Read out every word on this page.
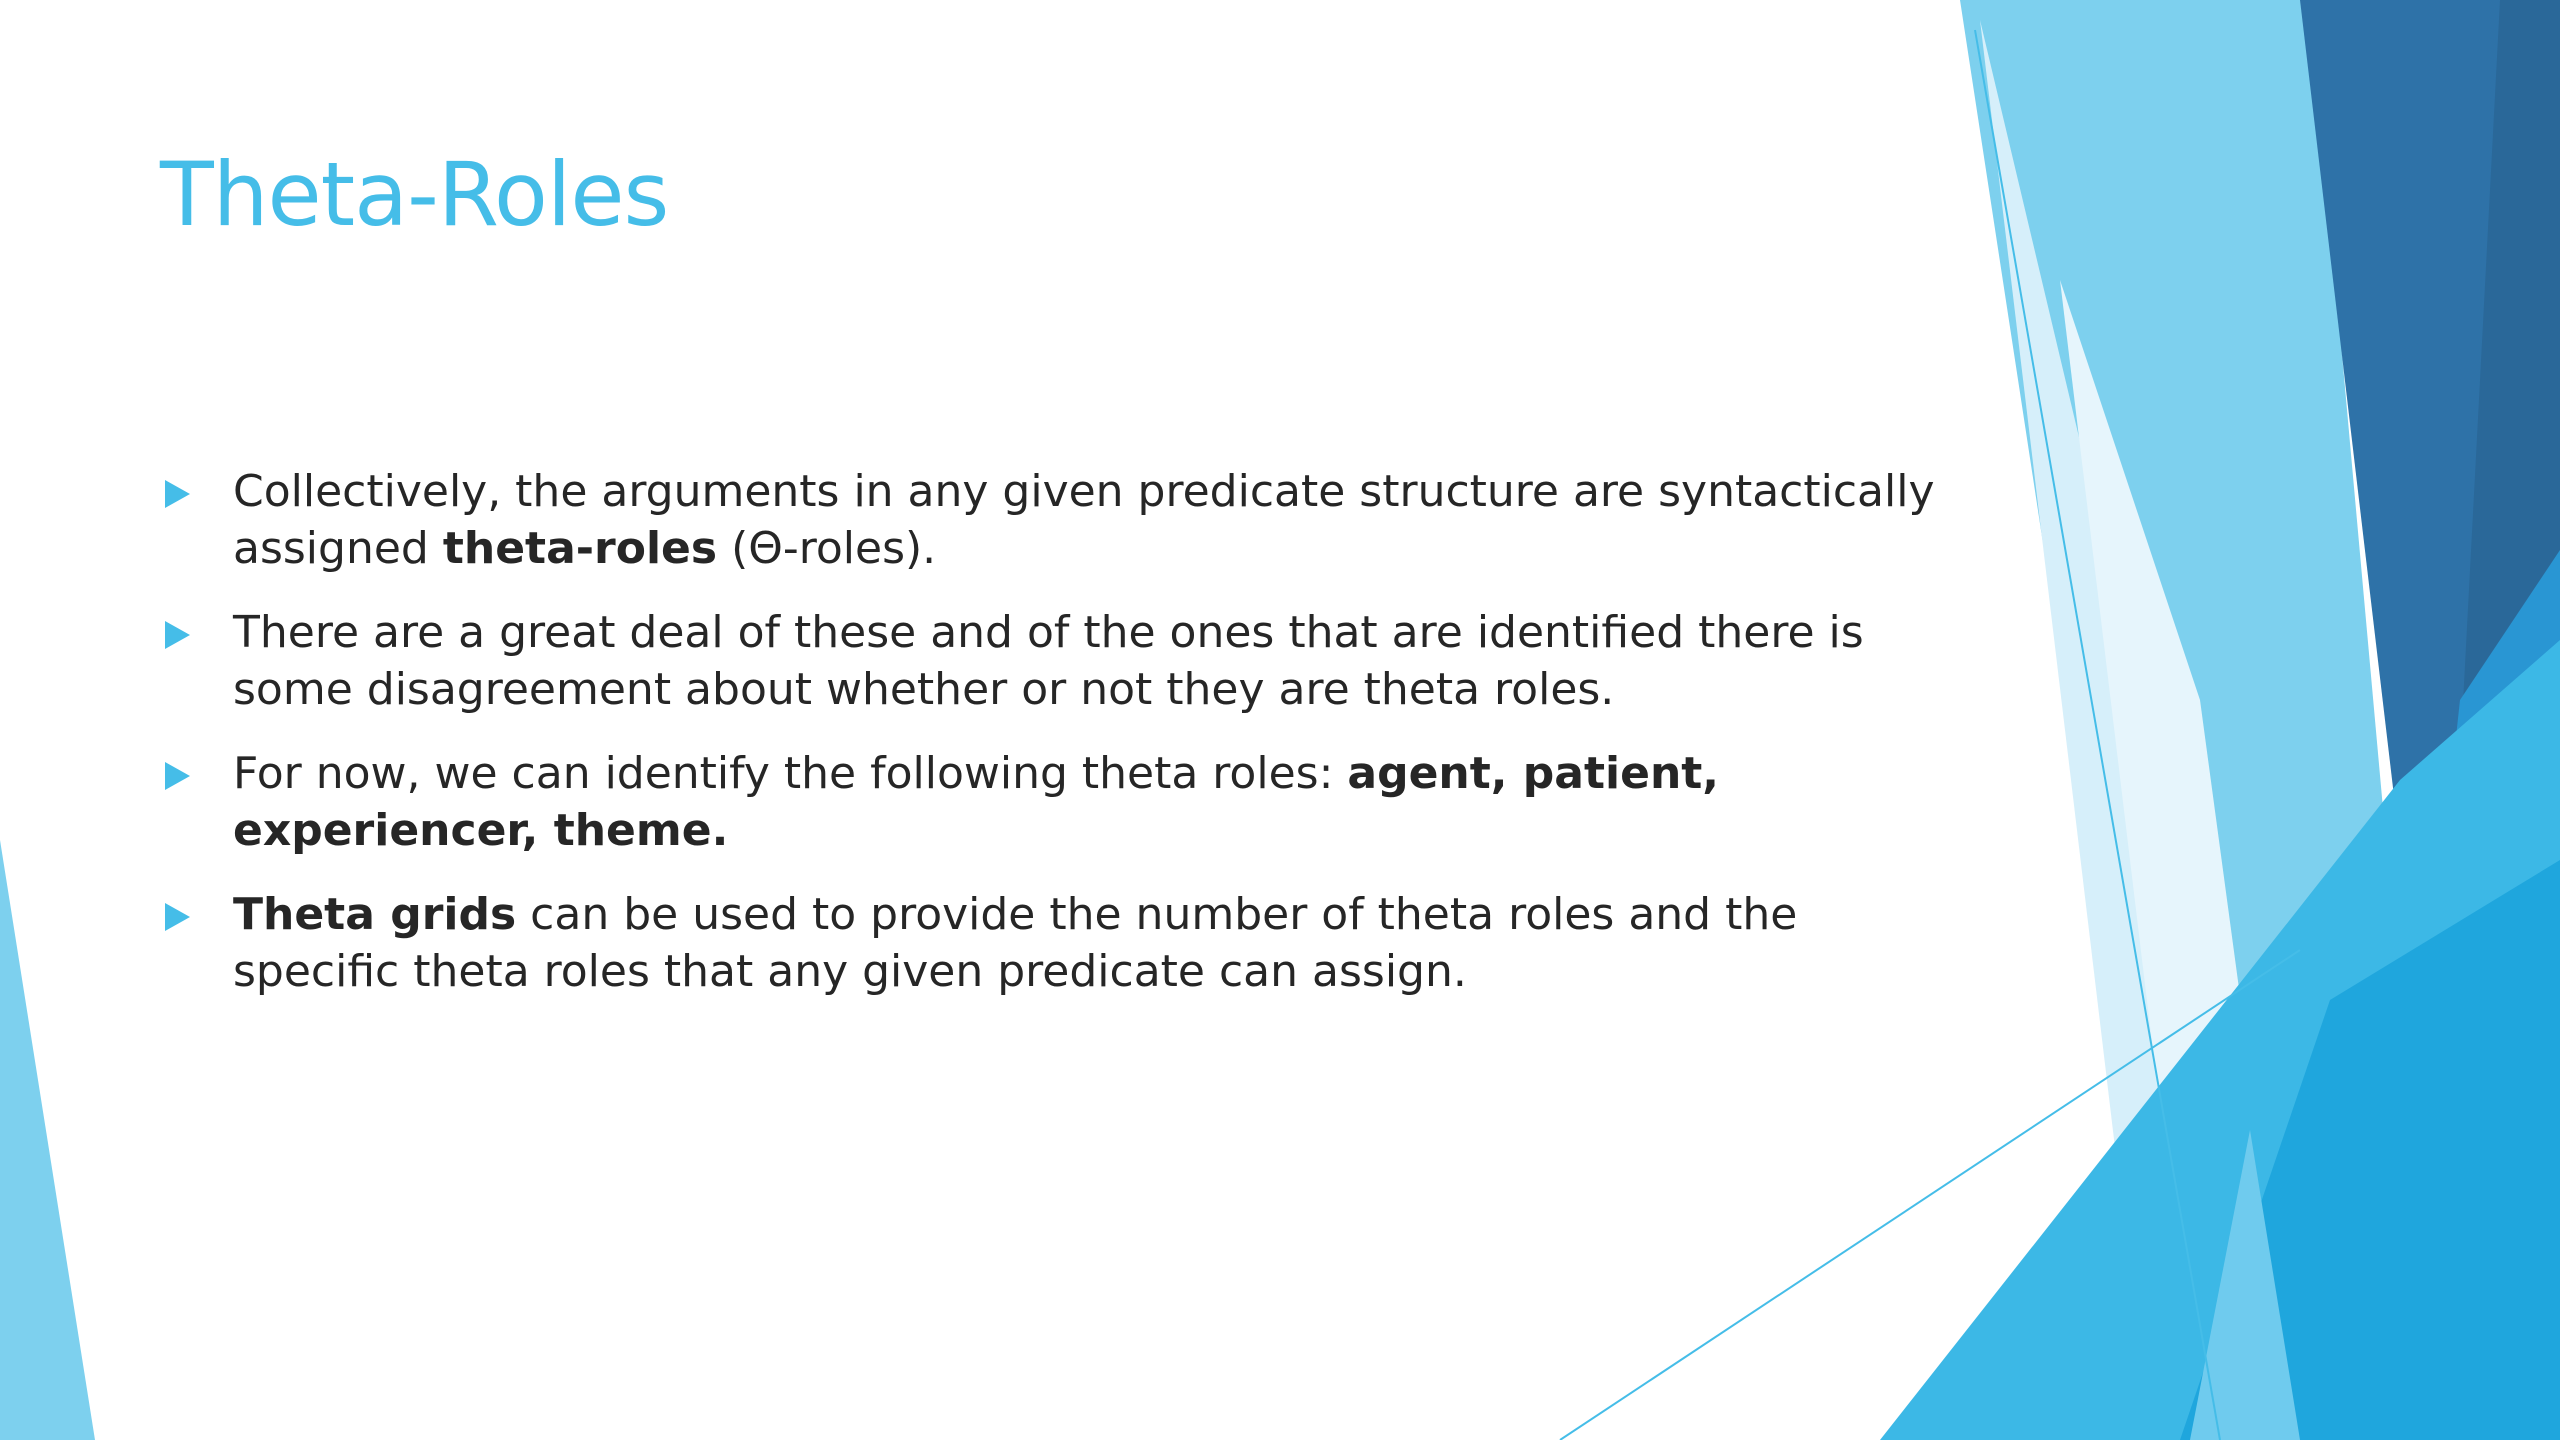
Theta-Roles
Collectively, the arguments in any given predicate structure are syntactically assigned theta-roles (Θ-roles).
There are a great deal of these and of the ones that are identified there is some disagreement about whether or not they are theta roles.
For now, we can identify the following theta roles: agent, patient, experiencer, theme.
Theta grids can be used to provide the number of theta roles and the specific theta roles that any given predicate can assign.
